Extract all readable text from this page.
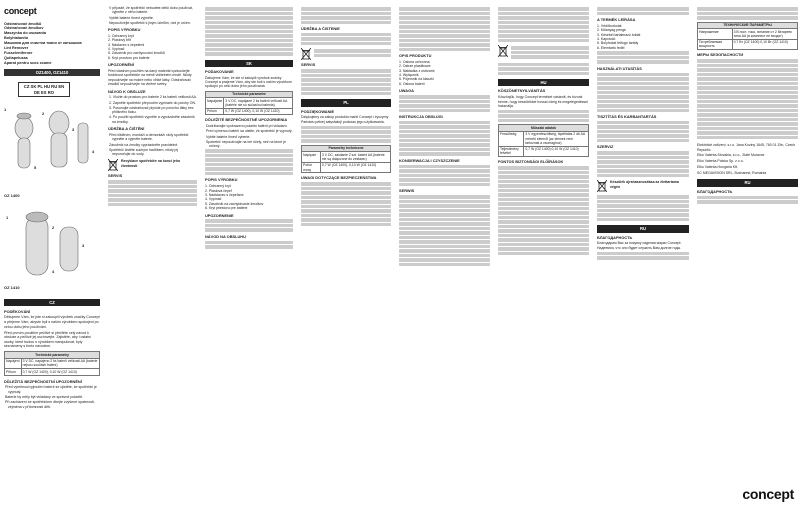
concept
Odstraňovač žmolků
Odstraňovač žmolkov
Maszynka do usuwania
Bolyhtalanító
Машинка для очистки ткани от катышков
Lint Remover
Fusselentferner
Quitapelusas
Aparat pentru scos scame
OZ1400, OZ1410
CZ SK PL HU RU EN DE ES RO
1
2
3
4
5
OZ 1400
1
2
3
4
OZ 1410
CZ
PODĚKOVÁNÍ

Děkujeme Vám, že jste si zakoupili výrobek značky Concept a přejeme Vám, abyste byli s naším výrobkem spokojeni po celou dobu jeho používání.

Před prvním použitím pečlivě si přečtěte celý návod k obsluze a pečlivě jej uschovejte. Zajistěte, aby i ostatní osoby, které budou s výrobkem manipulovat, byly seznámeny s tímto návodem.

Technické parametry	
Napájení	3 V DC, napájeno 2 ks baterií velikosti AA (baterie nejsou součástí balení)
Příkon	0,7 W (OZ 1400), 0,10 W (OZ 1410)
DŮLEŽITÁ BEZPEČNOSTNÍ UPOZORNĚNÍ
Před výměnou/vyjmutím baterií se ujistěte, že spotřebič je vypnutý.
Baterie by měly být vkládány ve správné polaritě.
Při zacházení se spotřebičem dbejte zvýšené opatrnosti, zejména v přítomnosti dětí.
V případě, že spotřebič nebudete delší dobu používat, vyjměte z něho baterie.
Vybité baterie ihned vyjměte.
Nepoužívejte spotřebič k jiným účelům, než je určen.
POPIS VÝROBKU
1. Ochranný kryt
2. Plastový břit
3. Nástavec s čepelemi
4. Vypínač
5. Zásobník pro zachycování žmolků
6. Kryt prostoru pro baterie
UPOZORNĚNÍ

Před vlastním použitím na daný materiál vyzkoušejte funkčnost spotřebiče na méně viditelném místě. Nikdy nepoužívejte na mokré nebo vlhké látky. Odstraňovač žmolků nepoužívejte na vlněné svetry.

NÁVOD K OBSLUZE
1. Vložte do prostoru pro baterie 2 ks baterií velikosti AA.
2. Zapněte spotřebič přepnutím vypínače do polohy ON.
3. Posunujte odstraňovač plynule po povrchu látky bez přílišného tlaku.
4. Po použití spotřebič vypněte a vyprázdněte zásobník na žmolky.
ÚDRŽBA A ČIŠTĚNÍ
Před čištěním, montáží a demontáží vždy spotřebič vypněte a vyjměte baterie.
Zásobník na žmolky vyprázdněte pravidelně.
Spotřebič čistěte suchým hadříkem, nikdy jej neponořujte do vody.
Recyklace spotřebiče na konci jeho životnosti
SERVIS
SK
POĎAKOVANIE

Ďakujeme Vám, že ste si zakúpili výrobok značky Concept a prajeme Vám, aby ste boli s naším výrobkom spokojní po celú dobu jeho používania.

Technické parametre	
Napájanie	3 V DC, napájané 2 ks batérií veľkosti AA (batérie nie sú súčasťou balenia)
Príkon	0,7 W (OZ 1400), 0,10 W (OZ 1410)
DÔLEŽITÉ BEZPEČNOSTNÉ UPOZORNENIA
Dodržiavajte vyobrazenú polaritu batérií pri vkladaní.
Pred výmenou batérií sa uistite, že spotrebič je vypnutý.
Vybité batérie ihneď vyberte.
Spotrebič nepoužívajte na iné účely, než na ktoré je určený.
POPIS VÝROBKU
1. Ochranný kryt
2. Plastová čepeľ
3. Nadstavec s čepeľami
4. Vypínač
5. Zásobník na zachytávanie žmolkov
6. Kryt priestoru pre batérie
UPOZORNENIE
NÁVOD NA OBSLUHU
ÚDRŽBA A ČISTENIE
SERVIS
PL
PODZIĘKOWANIE

Dziękujemy za zakup produktu marki Concept i życzymy Państwu pełnej satysfakcji podczas jego użytkowania.

Parametry techniczne	
Napięcie	3 V DC, zasilanie 2 szt. baterii AA (baterie nie są dołączone do zestawu)
Pobór mocy	0,7 W (OZ 1400), 0,10 W (OZ 1410)
UWAGI DOTYCZĄCE BEZPIECZEŃSTWA
OPIS PRODUKTU
1. Osłona ochronna
2. Ostrze plastikowe
3. Nakładka z ostrzami
4. Wyłącznik
5. Pojemnik na kłaczki
6. Osłona baterii
UWAGA
INSTRUKCJA OBSŁUGI
KONSERWACJA I CZYSZCZENIE
SERWIS
HU
KÖSZÖNETNYILVÁNÍTÁS

Köszönjük, hogy Concept terméket vásárolt, és bízunk benne, hogy készülékkel hosszú ideig és megelégedéssel használja.

Műszaki adatok	
Feszültség	3 V egyenfeszültség, tápellátás 2 db AA méretű elemről (az elemek nem tartoznak a csomaghoz)
Teljesítmény felvétel	0,7 W (OZ 1400) 0,10 W (OZ 1410)
FONTOS BIZTONSÁGI ELŐÍRÁSOK
A TERMÉK LEÍRÁSA
1. Védőburkolat
2. Műanyag penge
3. Késeket tartalmazó toldat
4. Kapcsoló
5. Bolyhokat felfogó tartály
6. Elemtartó fedél
HASZNÁLATI UTASÍTÁS
TISZTÍTÁS ÉS KARBANTARTÁS
SZERVIZ
Készülék újrahasznosítása az élettartama végén
RU
БЛАГОДАРНОСТЬ

Благодарим Вас за покупку изделия марки Concept. Надеемся, что оно будет служить Вам долгие годы.

ТЕХНИЧЕСКИЕ ПАРАМЕТРЫ	
Напряжение	3 В пост. тока, питание от 2 батареек типа AA (в комплект не входят)
Потребляемая мощность	0,7 Вт (OZ 1400) 0,10 Вт (OZ 1410)
МЕРЫ БЕЗОПАСНОСТИ

Elektrické zařízení, s.r.o. Jana Koziny 1645, 760 01 Zlín, Czech Republic

Elko Valenta-Slovakia, s.r.o., Zlaté Moravce

Elko Valenta Polska Sp. z o.o.

Elko Valenta-Hungária Kft.

SC MEGAVISION SRL, Bucharest, Romania

RU
БЛАГОДАРНОСТЬ
concept
